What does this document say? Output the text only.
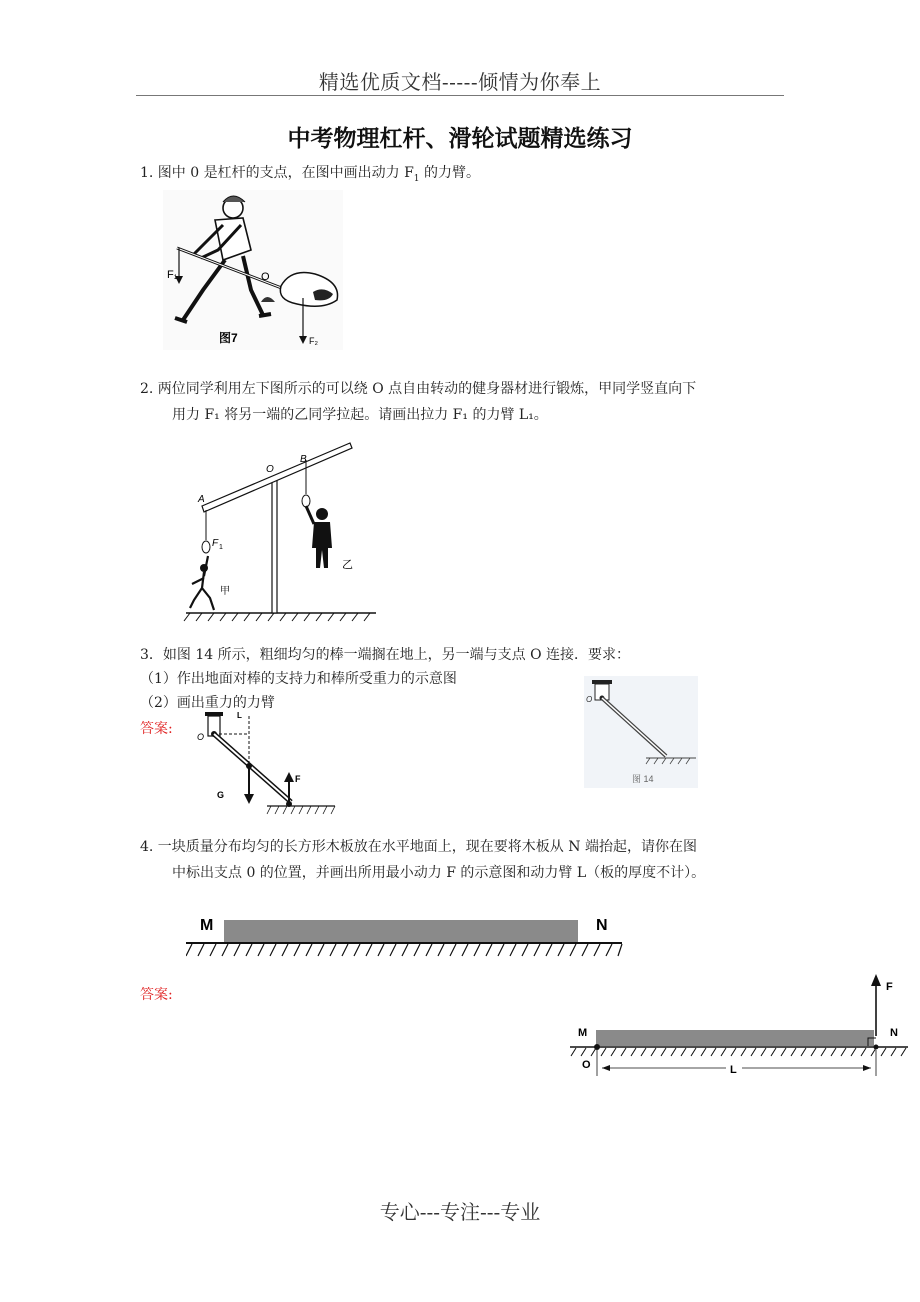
精选优质文档-----倾情为你奉上
中考物理杠杆、滑轮试题精选练习
1. 图中 0 是杠杆的支点，在图中画出动力 $F_1$ 的力臂。
F₁	O
F₂
图7
2. 两位同学利用左下图所示的可以绕 O 点自由转动的健身器材进行锻炼，甲同学竖直向下
用力 F₁ 将另一端的乙同学拉起。请画出拉力 F₁ 的力臂 L₁。
A
O
B
F 1
甲
乙
3．如图 14 所示，粗细均匀的棒一端搁在地上，另一端与支点 O 连接．要求：
（1）作出地面对棒的支持力和棒所受重力的示意图
（2）画出重力的力臂
答案:	O
L
G
F
O
图 14
4. 一块质量分布均匀的长方形木板放在水平地面上，现在要将木板从 N 端抬起，请你在图
中标出支点 0 的位置，并画出所用最小动力 F 的示意图和动力臂 L（板的厚度不计）。
M	N
答案:	F
M	N
O	L
专心---专注---专业
